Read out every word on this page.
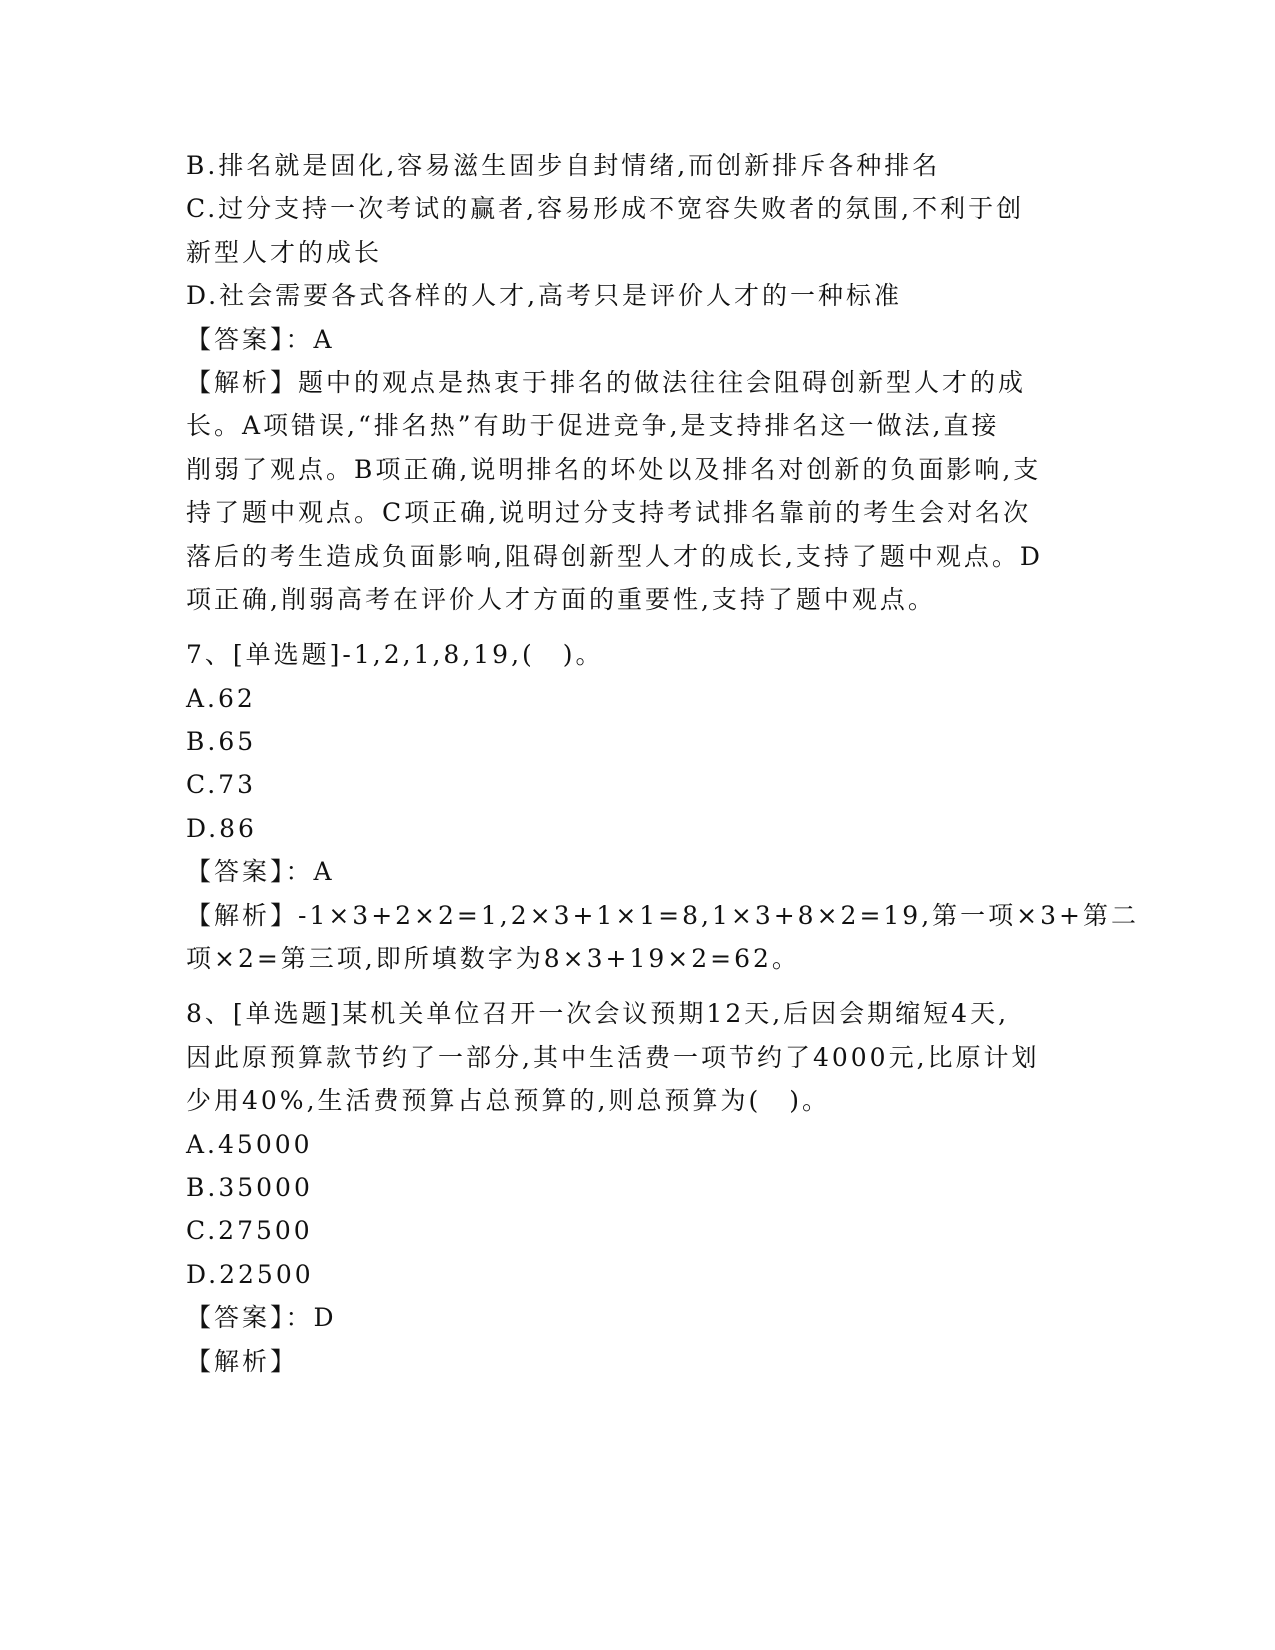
B.排名就是固化,容易滋生固步自封情绪,而创新排斥各种排名
C.过分支持一次考试的赢者,容易形成不宽容失败者的氛围,不利于创
新型人才的成长
D.社会需要各式各样的人才,高考只是评价人才的一种标准
【答案】：A
【解析】题中的观点是热衷于排名的做法往往会阻碍创新型人才的成
长。A项错误,“排名热”有助于促进竞争,是支持排名这一做法,直接
削弱了观点。B项正确,说明排名的坏处以及排名对创新的负面影响,支
持了题中观点。C项正确,说明过分支持考试排名靠前的考生会对名次
落后的考生造成负面影响,阻碍创新型人才的成长,支持了题中观点。D
项正确,削弱高考在评价人才方面的重要性,支持了题中观点。
7、[单选题]-1,2,1,8,19,(　)。
A.62
B.65
C.73
D.86
【答案】：A
【解析】-1×3+2×2=1,2×3+1×1=8,1×3+8×2=19,第一项×3+第二
项×2=第三项,即所填数字为8×3+19×2=62。
8、[单选题]某机关单位召开一次会议预期12天,后因会期缩短4天,
因此原预算款节约了一部分,其中生活费一项节约了4000元,比原计划
少用40%,生活费预算占总预算的,则总预算为(　)。
A.45000
B.35000
C.27500
D.22500
【答案】：D
【解析】
